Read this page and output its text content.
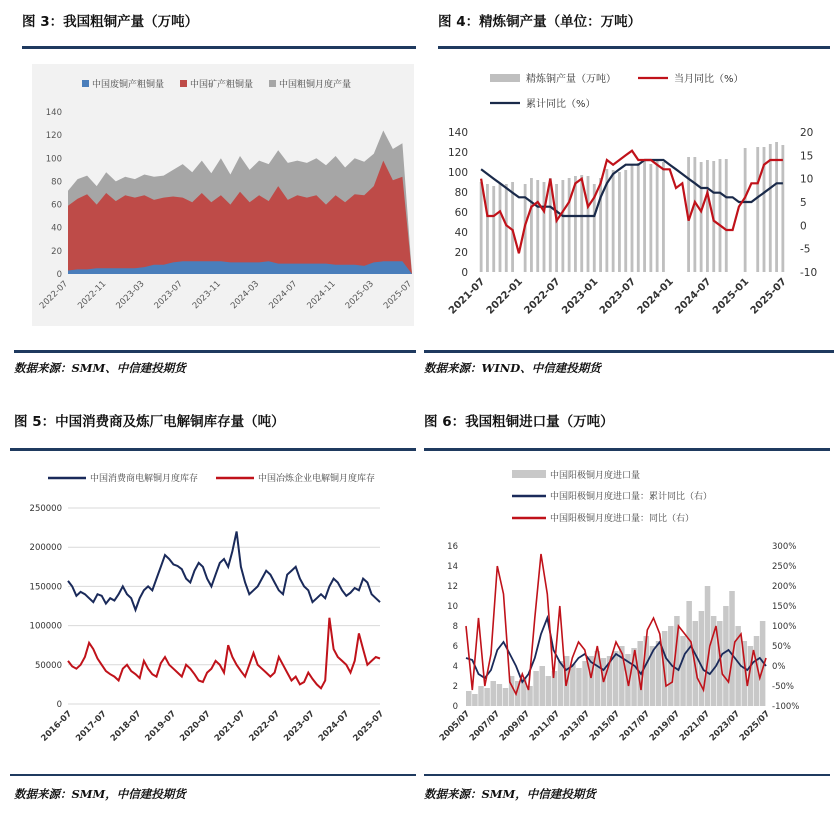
图 3：我国粗铜产量（万吨）
中国废铜产粗铜量	中国矿产粗铜量	中国粗铜月度产量
0
20
40
60
80
100
120
140
2022-07 2022-11 2023-03 2023-07 2023-11 2024-03 2024-07 2024-11 2025-03 2025-07
图 4：精炼铜产量（单位：万吨）
精炼铜产量（万吨）	当月同比（%）
累计同比（%）
0
20
40
60
80
100
120
140
-10
-5
0
5
10
15
20
2021-07
2022-01
2022-07
2023-01
2023-07
2024-01
2024-07
2025-01
2025-07
数据来源：SMM、中信建投期货	数据来源：WIND、中信建投期货
图 5：中国消费商及炼厂电解铜库存量（吨）
中国消费商电解铜月度库存	中国冶炼企业电解铜月度库存
0
50000
100000
150000
200000
250000
2016-07 2017-07 2018-07 2019-07 2020-07 2021-07 2022-07 2023-07 2024-07 2025-07
图 6：我国粗铜进口量（万吨）
中国阳极铜月度进口量
中国阳极铜月度进口量：累计同比（右）
中国阳极铜月度进口量：同比（右）
0
2
4
6
8
10
12
14
16
-100%
-50%
0%
50%
100%
150%
200%
250%
300%
2005/07
2007/07
2009/07
2011/07
2013/07
2015/07
2017/07
2019/07
2021/07
2023/07
2025/07
数据来源：SMM，中信建投期货	数据来源：SMM，中信建投期货
